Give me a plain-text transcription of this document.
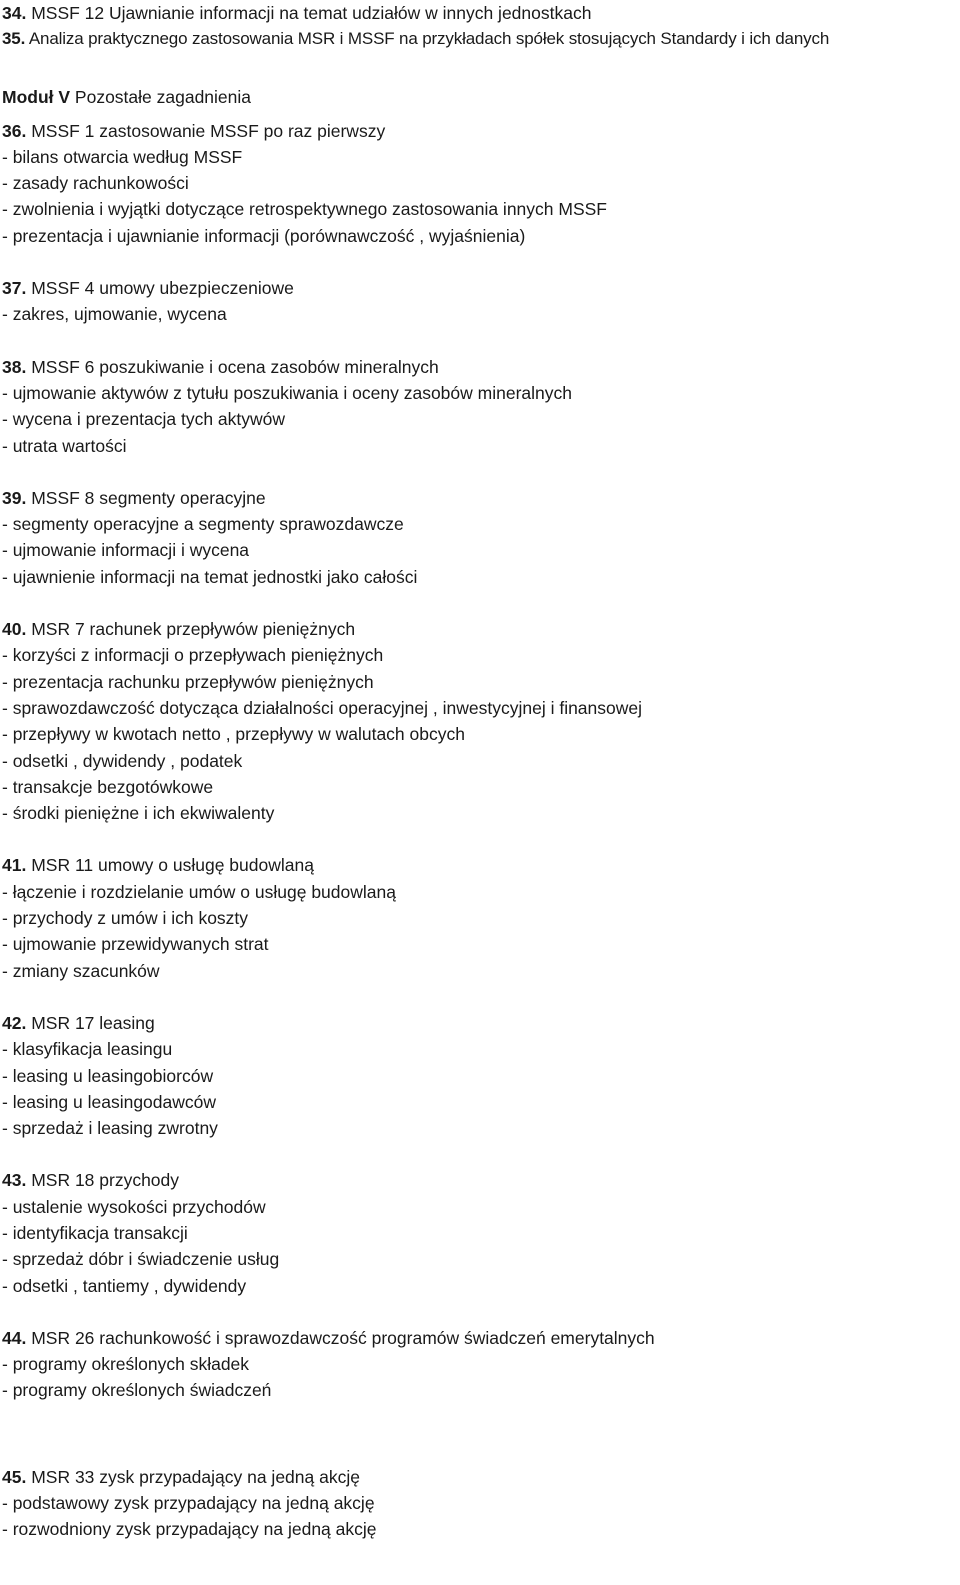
34. MSSF 12 Ujawnianie informacji na temat udziałów w innych jednostkach
35. Analiza praktycznego zastosowania MSR i MSSF na przykładach spółek stosujących Standardy i ich danych
Moduł V Pozostałe zagadnienia
36. MSSF 1 zastosowanie MSSF po raz pierwszy
- bilans otwarcia według MSSF
- zasady rachunkowości
- zwolnienia i wyjątki dotyczące retrospektywnego zastosowania innych MSSF
- prezentacja i ujawnianie informacji (porównawczość , wyjaśnienia)
37. MSSF 4 umowy ubezpieczeniowe
- zakres, ujmowanie, wycena
38. MSSF 6 poszukiwanie i ocena zasobów mineralnych
- ujmowanie aktywów z tytułu poszukiwania i oceny zasobów mineralnych
- wycena i prezentacja tych aktywów
- utrata wartości
39. MSSF 8 segmenty operacyjne
- segmenty operacyjne a segmenty sprawozdawcze
- ujmowanie informacji i wycena
- ujawnienie informacji na temat jednostki jako całości
40. MSR 7 rachunek przepływów pieniężnych
- korzyści z informacji o przepływach pieniężnych
- prezentacja rachunku przepływów pieniężnych
- sprawozdawczość dotycząca działalności operacyjnej , inwestycyjnej i finansowej
- przepływy w kwotach netto , przepływy w walutach obcych
- odsetki , dywidendy , podatek
- transakcje bezgotówkowe
- środki pieniężne i ich ekwiwalenty
41. MSR 11 umowy o usługę budowlaną
- łączenie i rozdzielanie umów o usługę budowlaną
- przychody z umów i ich koszty
- ujmowanie przewidywanych strat
- zmiany szacunków
42. MSR 17 leasing
- klasyfikacja leasingu
- leasing u leasingobiorców
- leasing u leasingodawców
- sprzedaż i leasing zwrotny
43. MSR 18 przychody
- ustalenie wysokości przychodów
- identyfikacja transakcji
- sprzedaż dóbr i świadczenie usług
- odsetki , tantiemy , dywidendy
44. MSR 26 rachunkowość i sprawozdawczość programów świadczeń emerytalnych
- programy określonych składek
- programy określonych świadczeń
45. MSR 33 zysk przypadający na jedną akcję
- podstawowy zysk przypadający na jedną akcję
- rozwodniony zysk przypadający na jedną akcję
